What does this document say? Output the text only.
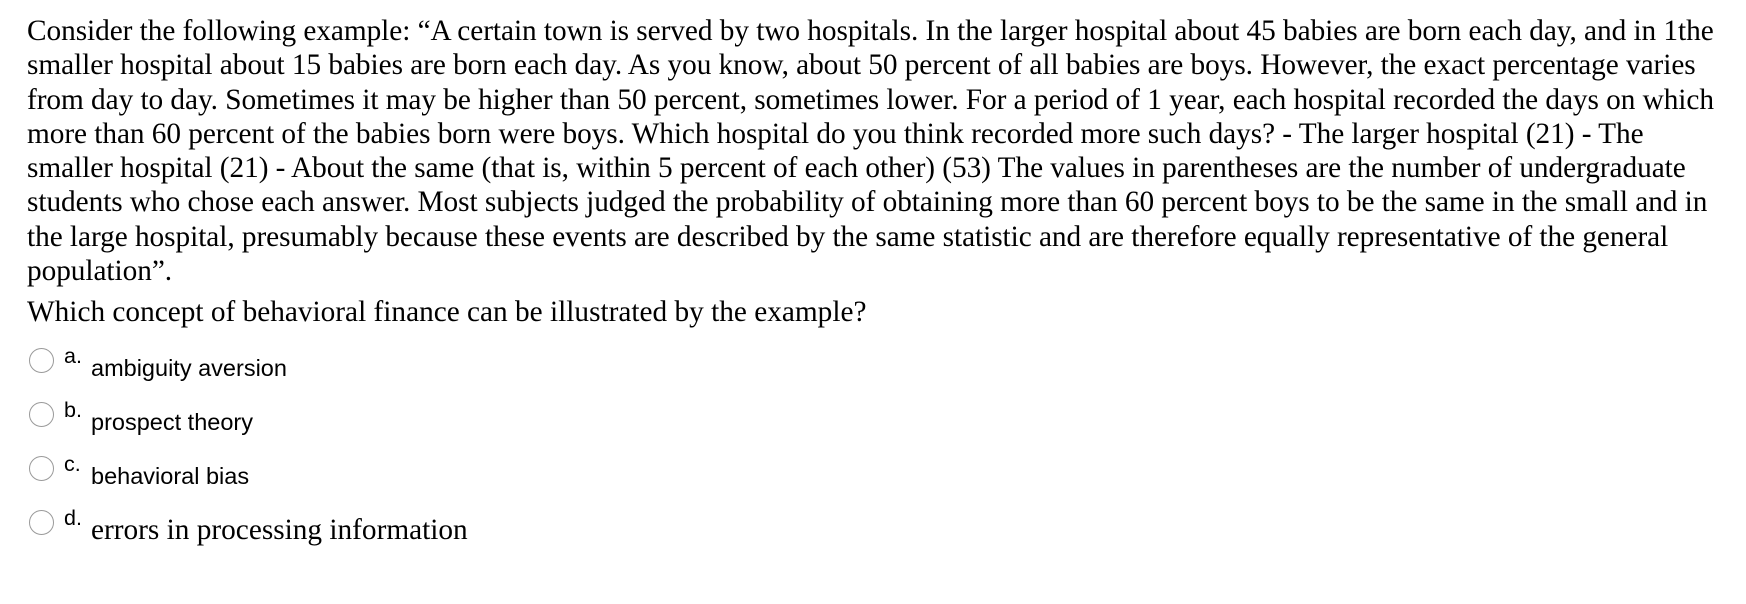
Consider the following example: “A certain town is served by two hospitals. In the larger hospital about 45 babies are born each day, and in 1the smaller hospital about 15 babies are born each day. As you know, about 50 percent of all babies are boys. However, the exact percentage varies from day to day. Sometimes it may be higher than 50 percent, sometimes lower. For a period of 1 year, each hospital recorded the days on which more than 60 percent of the babies born were boys. Which hospital do you think recorded more such days? - The larger hospital (21) - The smaller hospital (21) - About the same (that is, within 5 percent of each other) (53) The values in parentheses are the number of undergraduate students who chose each answer. Most subjects judged the probability of obtaining more than 60 percent boys to be the same in the small and in the large hospital, presumably because these events are described by the same statistic and are therefore equally representative of the general population”.

Which concept of behavioral finance can be illustrated by the example?

a. ambiguity aversion
b. prospect theory
c. behavioral bias
d. errors in processing information
